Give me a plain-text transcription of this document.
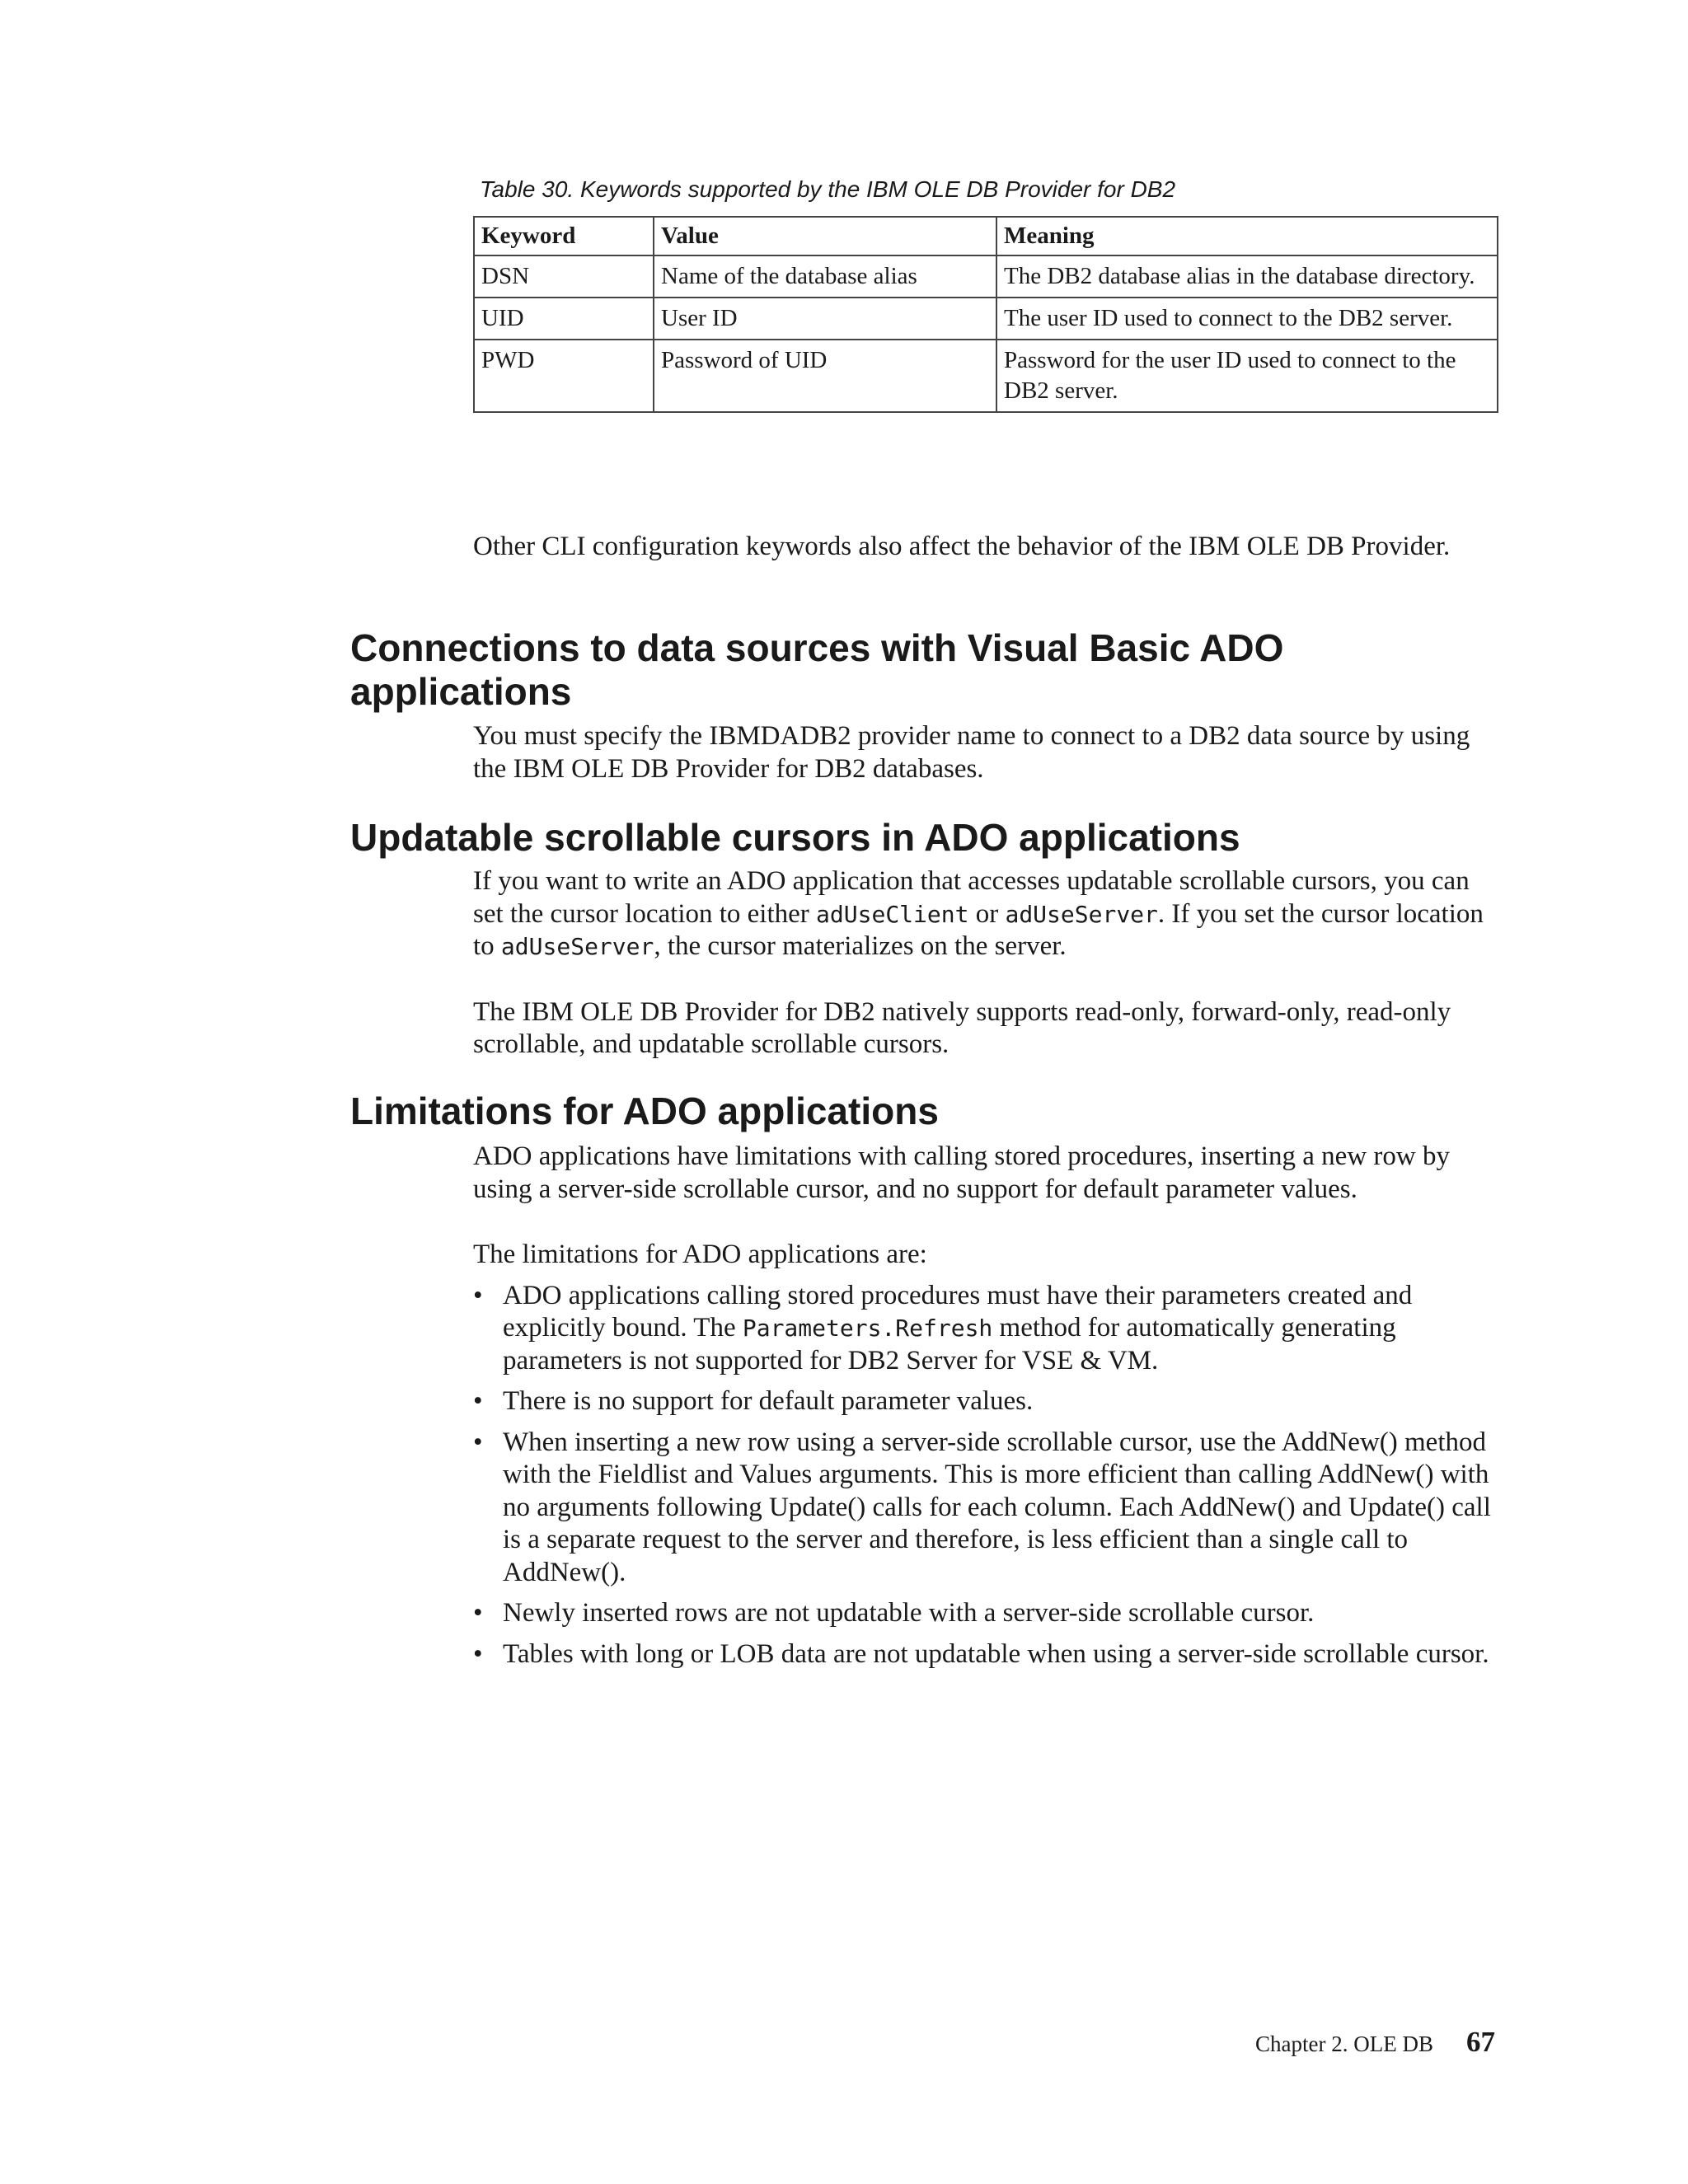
Table 30. Keywords supported by the IBM OLE DB Provider for DB2
Keyword	Value	Meaning
DSN	Name of the database alias	The DB2 database alias in the database directory.
UID	User ID	The user ID used to connect to the DB2 server.
PWD	Password of UID	Password for the user ID used to connect to the DB2 server.

Other CLI configuration keywords also affect the behavior of the IBM OLE DB Provider.

Connections to data sources with Visual Basic ADO applications

You must specify the IBMDADB2 provider name to connect to a DB2 data source by using the IBM OLE DB Provider for DB2 databases.

Updatable scrollable cursors in ADO applications

If you want to write an ADO application that accesses updatable scrollable cursors, you can set the cursor location to either adUseClient or adUseServer. If you set the cursor location to adUseServer, the cursor materializes on the server.

The IBM OLE DB Provider for DB2 natively supports read-only, forward-only, read-only scrollable, and updatable scrollable cursors.

Limitations for ADO applications

ADO applications have limitations with calling stored procedures, inserting a new row by using a server-side scrollable cursor, and no support for default parameter values.

The limitations for ADO applications are:

• ADO applications calling stored procedures must have their parameters created and explicitly bound. The Parameters.Refresh method for automatically generating parameters is not supported for DB2 Server for VSE & VM.
• There is no support for default parameter values.
• When inserting a new row using a server-side scrollable cursor, use the AddNew() method with the Fieldlist and Values arguments. This is more efficient than calling AddNew() with no arguments following Update() calls for each column. Each AddNew() and Update() call is a separate request to the server and therefore, is less efficient than a single call to AddNew().
• Newly inserted rows are not updatable with a server-side scrollable cursor.
• Tables with long or LOB data are not updatable when using a server-side scrollable cursor.
Chapter 2. OLE DB 67
